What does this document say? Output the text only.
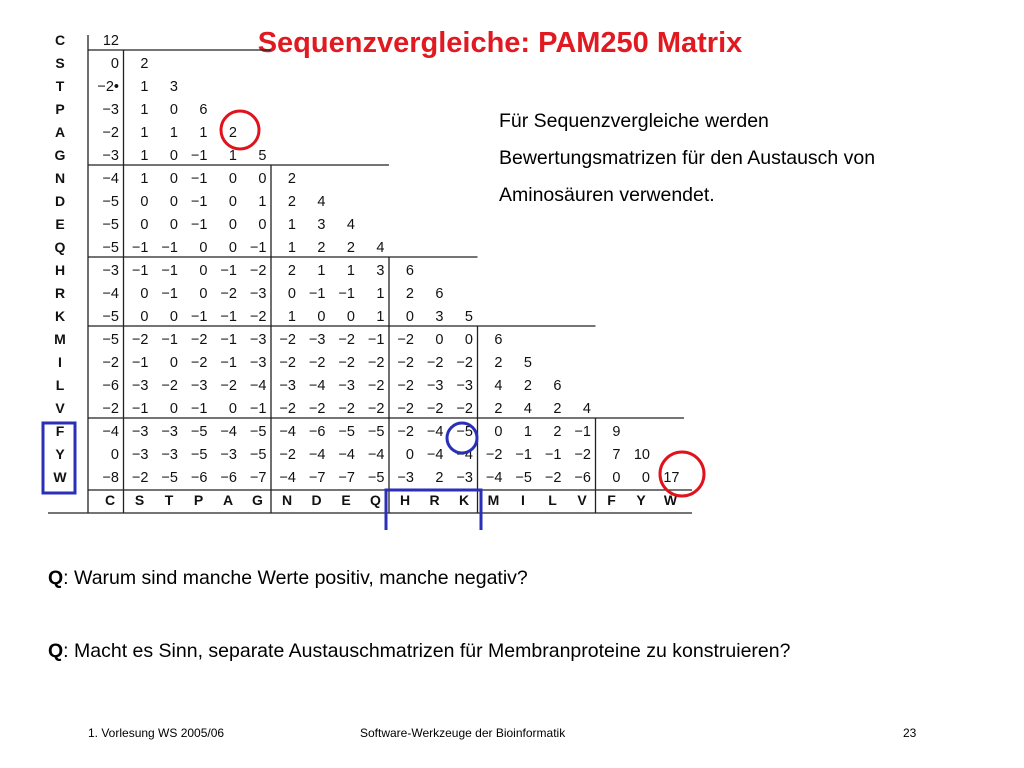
Sequenzvergleiche: PAM250 Matrix
C
S
T
P
A
G
N
D
E
Q
H
R
K
M
I
L
V
F
Y
W
12
0 2
−2• 1 3
−3 1 0 6
−2 1 1 1 2
−3 1 0 −1 1 5
−4 1 0 −1 0 0 2
−5 0 0 −1 0 1 2 4
−5 0 0 −1 0 0 1 3 4
−5 −1 −1 0 0 −1 1 2 2 4
−3 −1 −1 0 −1 −2 2 1 1 3 6
−4 0 −1 0 −2 −3 0 −1 −1 1 2 6
−5 0 0 −1 −1 −2 1 0 0 1 0 3 5
−5 −2 −1 −2 −1 −3 −2 −3 −2 −1 −2 0 0 6
−2 −1 0 −2 −1 −3 −2 −2 −2 −2 −2 −2 −2 2 5
−6 −3 −2 −3 −2 −4 −3 −4 −3 −2 −2 −3 −3 4 2 6
−2 −1 0 −1 0 −1 −2 −2 −2 −2 −2 −2 −2 2 4 2 4
−4 −3 −3 −5 −4 −5 −4 −6 −5 −5 −2 −4 −5 0 1 2 −1 9
0 −3 −3 −5 −3 −5 −2 −4 −4 −4 0 −4 −4 −2 −1 −1 −2 7 10
−8 −2 −5 −6 −6 −7 −4 −7 −7 −5 −3 2 −3 −4 −5 −2 −6 0 0 17
C S T P A G N D E Q H R K M I L V F Y W
Für Sequenzvergleiche werden Bewertungsmatrizen für den Austausch von Aminosäuren verwendet.
Q: Warum sind manche Werte positiv, manche negativ?
Q: Macht es Sinn, separate Austauschmatrizen für Membranproteine zu konstruieren?
1. Vorlesung WS 2005/06	Software-Werkzeuge der Bioinformatik	23
